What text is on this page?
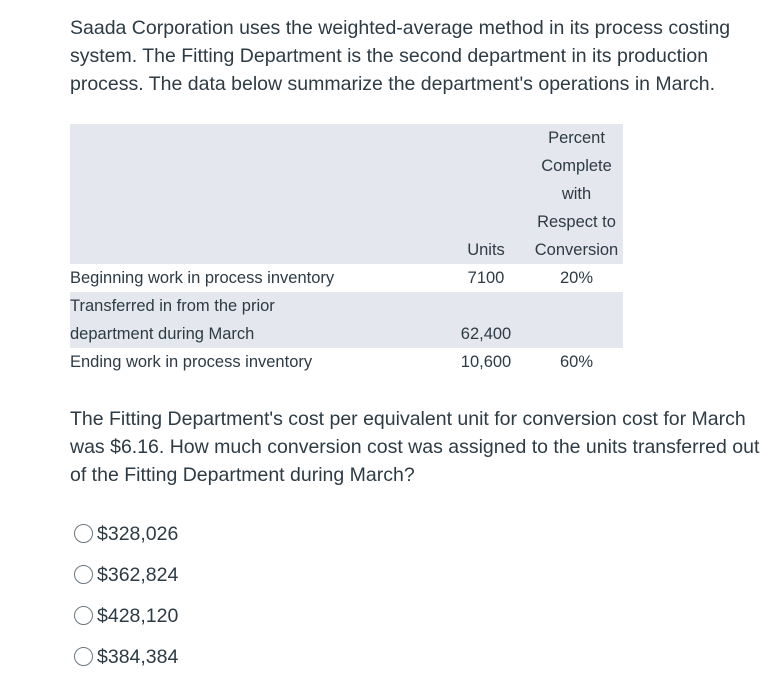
Saada Corporation uses the weighted-average method in its process costing system. The Fitting Department is the second department in its production process. The data below summarize the department's operations in March.

	Units	Percent
Complete
with
Respect to
Conversion

Beginning work in process inventory	7100	20%
Transferred in from the prior department during March	62,400	
Ending work in process inventory	10,600	60%

The Fitting Department's cost per equivalent unit for conversion cost for March was $6.16. How much conversion cost was assigned to the units transferred out of the Fitting Department during March?

$328,026
$362,824
$428,120
$384,384
